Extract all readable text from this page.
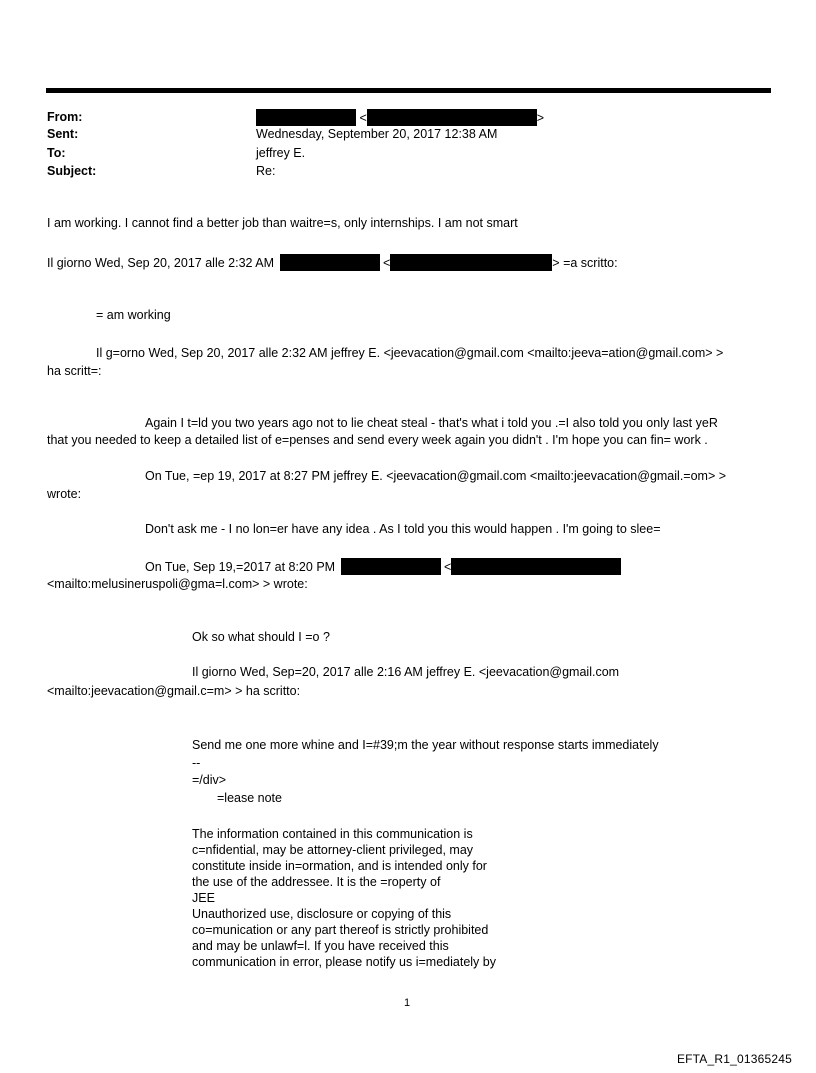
From:	<	>
Sent:	Wednesday, September 20, 2017 12:38 AM
To:	jeffrey E.
Subject:	Re:
I am working. I cannot find a better job than waitre=s, only internships. I am not smart
Il giorno Wed, Sep 20, 2017 alle 2:32 AM	<	> =a scritto:
= am working
Il g=orno Wed, Sep 20, 2017 alle 2:32 AM jeffrey E. <jeevacation@gmail.com <mailto:jeeva=ation@gmail.com> >
ha scritt=:
Again I t=ld you two years ago not to lie cheat steal - that's what i told you .=I also told you only last yeR
that you needed to keep a detailed list of e=penses and send every week again you didn't . I'm hope you can fin= work .
On Tue, =ep 19, 2017 at 8:27 PM jeffrey E. <jeevacation@gmail.com <mailto:jeevacation@gmail.=om> >
wrote:
Don't ask me - I no lon=er have any idea . As I told you this would happen . I'm going to slee=
On Tue, Sep 19,=2017 at 8:20 PM	<
<mailto:melusineruspoli@gma=l.com> > wrote:
Ok so what should I =o ?
Il giorno Wed, Sep=20, 2017 alle 2:16 AM jeffrey E. <jeevacation@gmail.com
<mailto:jeevacation@gmail.c=m> > ha scritto:
Send me one more whine and I=#39;m the year without response starts immediately
--
=/div>
=lease note
The information contained in this communication is
c=nfidential, may be attorney-client privileged, may
constitute inside in=ormation, and is intended only for
the use of the addressee. It is the =roperty of
JEE
Unauthorized use, disclosure or copying of this
co=munication or any part thereof is strictly prohibited
and may be unlawf=l. If you have received this
communication in error, please notify us i=mediately by
1
EFTA_R1_01365245
